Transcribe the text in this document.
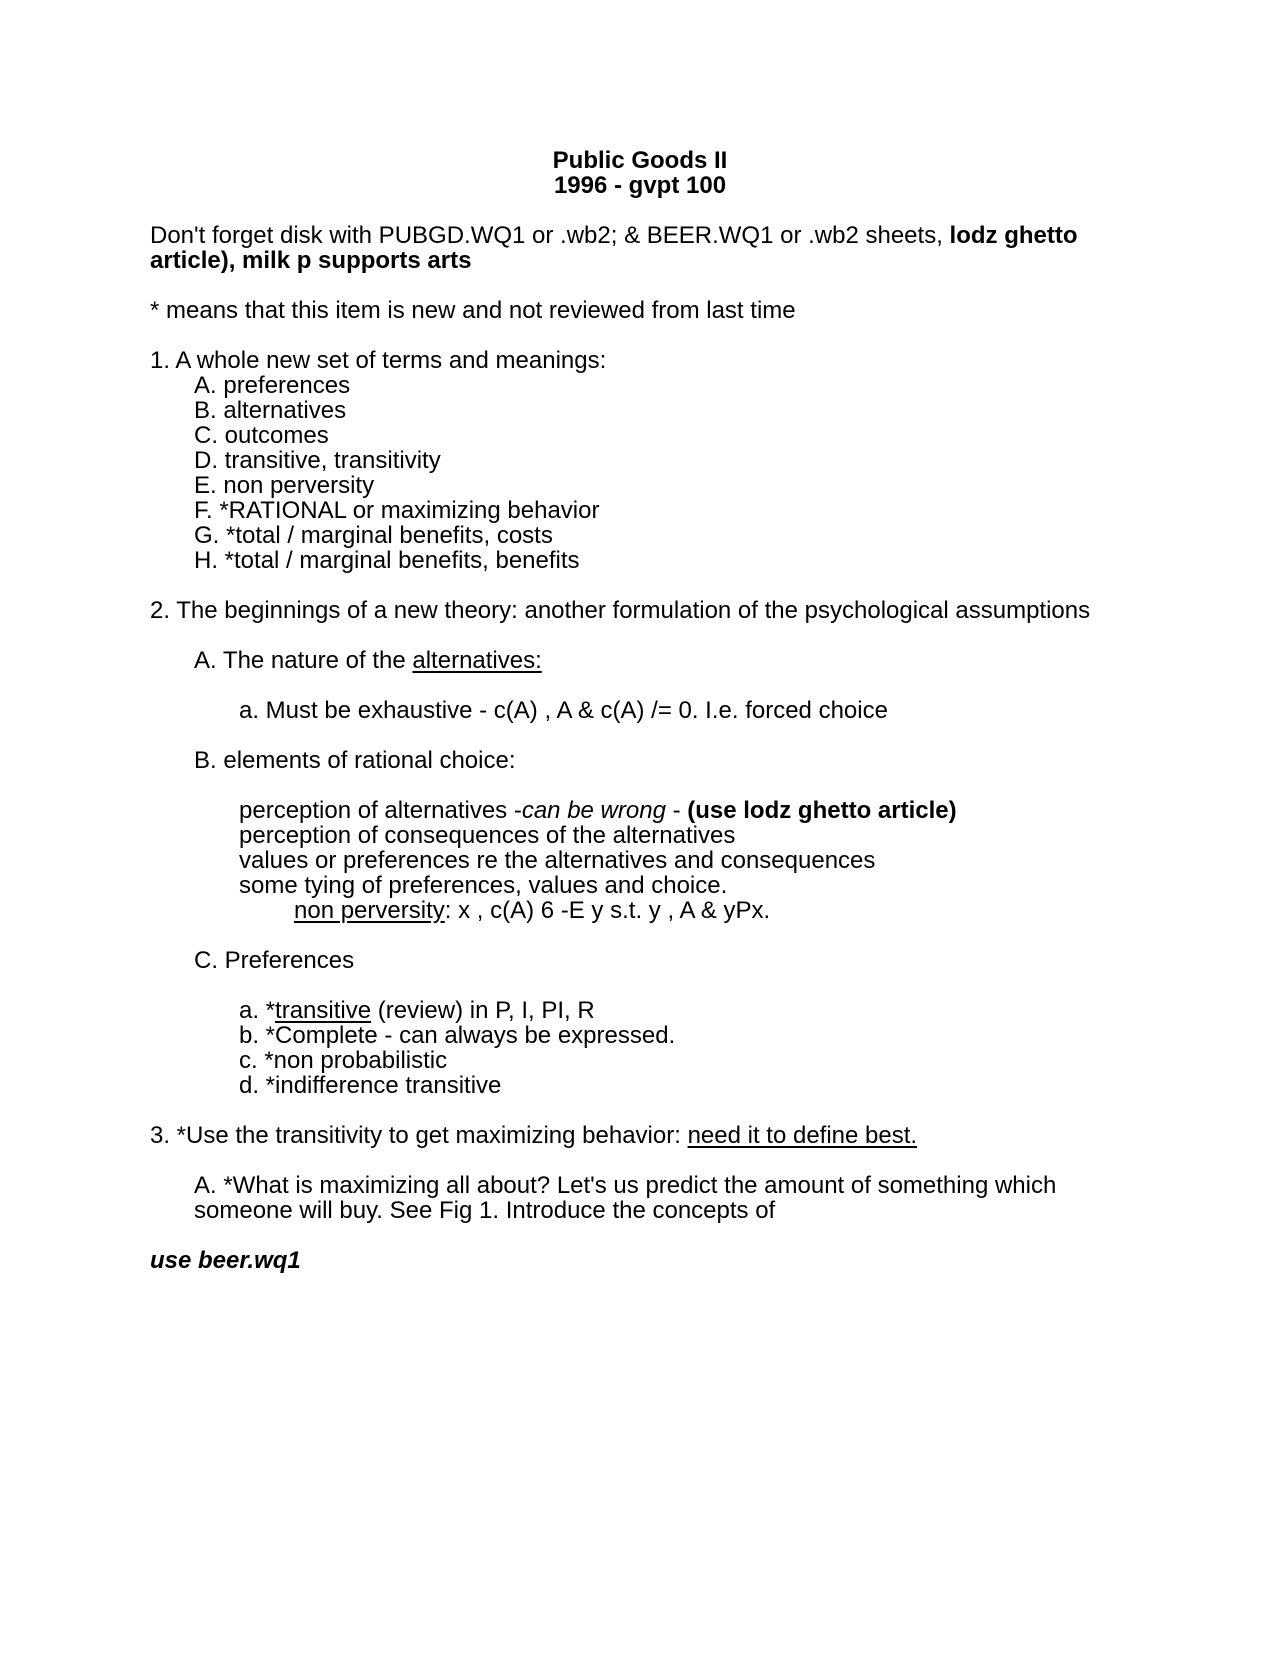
Public Goods II
1996 - gvpt 100
Don't forget disk with PUBGD.WQ1 or .wb2; & BEER.WQ1 or .wb2 sheets, lodz ghetto
article), milk p supports arts
* means that this item is new and not reviewed from last time
1. A whole new set of terms and meanings:
A. preferences
B. alternatives
C. outcomes
D. transitive, transitivity
E. non perversity
F. *RATIONAL or maximizing behavior
G. *total / marginal benefits, costs
H. *total / marginal benefits, benefits
2. The beginnings of a new theory: another formulation of the psychological assumptions
A. The nature of the alternatives:
a. Must be exhaustive - c(A) , A & c(A) /= 0. I.e. forced choice
B. elements of rational choice:
perception of alternatives -can be wrong - (use lodz ghetto article)
perception of consequences of the alternatives
values or preferences re the alternatives and consequences
some tying of preferences, values and choice.
non perversity: x , c(A) 6 -E y s.t. y , A & yPx.
C. Preferences
a. *transitive (review) in P, I, PI, R
b. *Complete - can always be expressed.
c. *non probabilistic
d. *indifference transitive
3. *Use the transitivity to get maximizing behavior: need it to define best.
A. *What is maximizing all about? Let's us predict the amount of something which
someone will buy. See Fig 1. Introduce the concepts of
use beer.wq1
